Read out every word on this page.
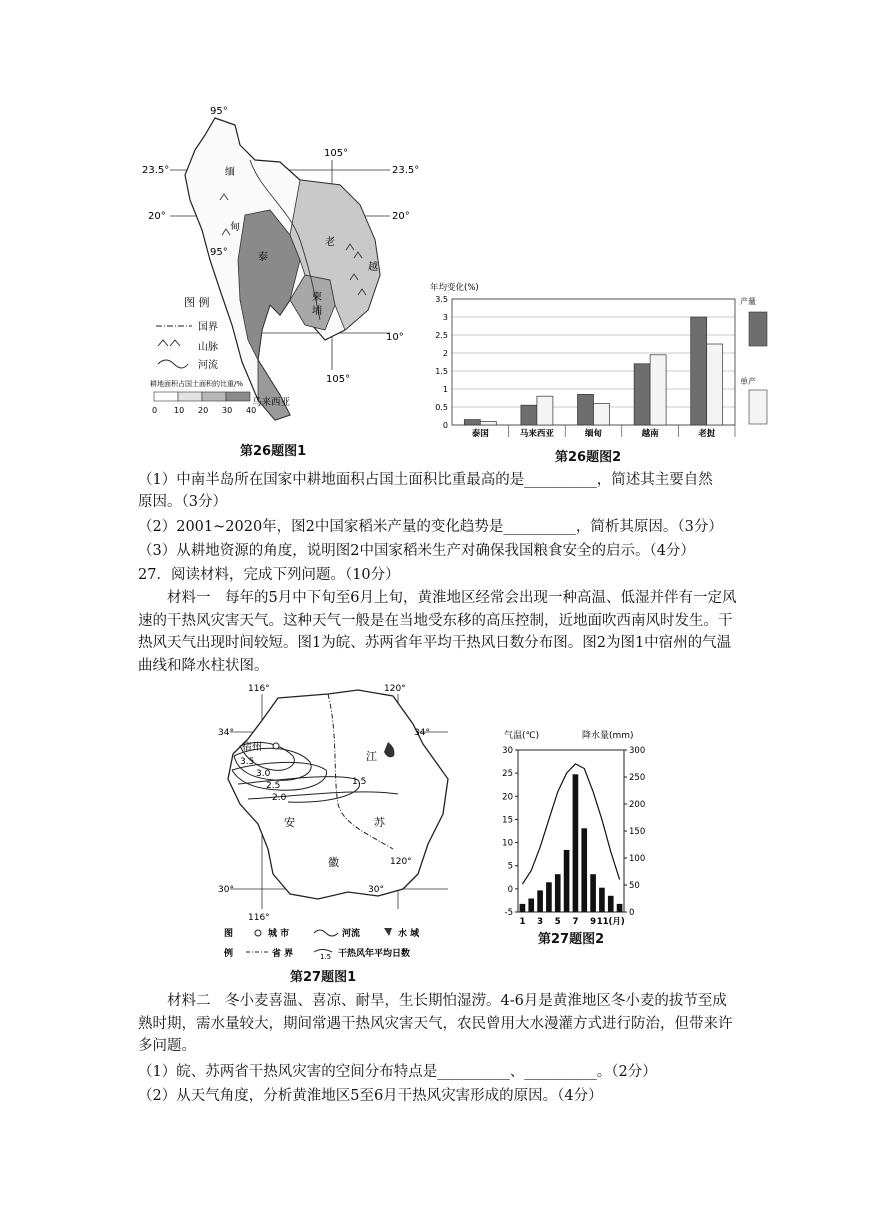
95°
105°
95°
105°
23.5°
20°
23.5°
20°
10°
缅
甸
泰
越
柬
埔
老
马来西亚
图 例
国界
山脉
河流
耕地面积占国土面积的比重/%
0 10 20 30 40
第26题图1
年均变化(%)
0
0.5
1
1.5
2
2.5
3
3.5
泰国	马来西亚	缅甸	越南	老挝
产量
单产
第26题图2
（1）中南半岛所在国家中耕地面积占国土面积比重最高的是__________，简述其主要自然
原因。（3分）
（2）2001~2020年，图2中国家稻米产量的变化趋势是__________，简析其原因。（3分）
（3）从耕地资源的角度，说明图2中国家稻米生产对确保我国粮食安全的启示。（4分）
27．阅读材料，完成下列问题。（10分）
材料一　每年的5月中下旬至6月上旬，黄淮地区经常会出现一种高温、低湿并伴有一定风速的干热风灾害天气。这种天气一般是在当地受东移的高压控制，近地面吹西南风时发生。干热风天气出现时间较短。图1为皖、苏两省年平均干热风日数分布图。图2为图1中宿州的气温曲线和降水柱状图。
宿州
3.5
3.0
2.5
2.0
1.5
116°	120°
116°
120°
34°	34°
30°	30°
江
安	苏
徽
图
例
城 市	河流	水 域
省 界	1.5 干热风年平均日数
第27题图1
气温(℃)	降水量(mm)
-5
0
5
10
15
20
25
30
0
50
100
150
200
250
300
1 3 5 7 9 11(月)
第27题图2
材料二　冬小麦喜温、喜凉、耐旱，生长期怕湿涝。4-6月是黄淮地区冬小麦的拔节至成熟时期，需水量较大，期间常遇干热风灾害天气，农民曾用大水漫灌方式进行防治，但带来许多问题。
（1）皖、苏两省干热风灾害的空间分布特点是__________、__________。（2分）
（2）从天气角度，分析黄淮地区5至6月干热风灾害形成的原因。（4分）
